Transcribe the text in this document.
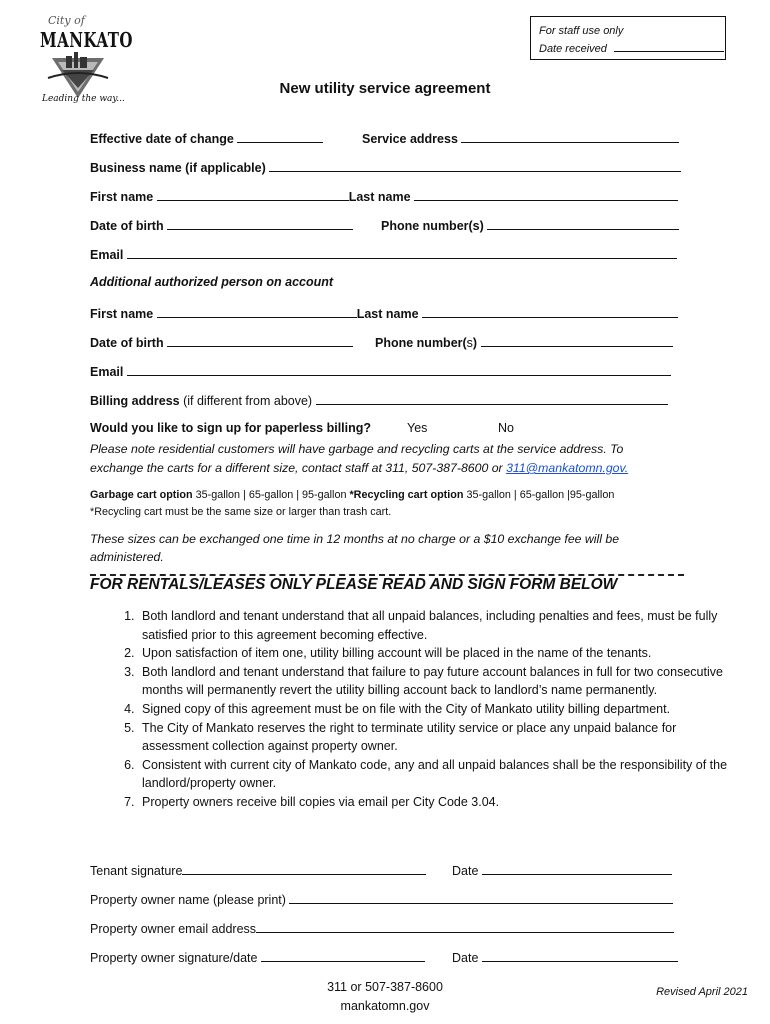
City of
MANKATO
Leading the way...
For staff use only
Date received
New utility service agreement
Effective date of change	Service address
Business name (if applicable)
First name	Last name
Date of birth	Phone number(s)
Email
Additional authorized person on account
First name	Last name
Date of birth	Phone number(s)
Email
Billing address (if different from above)
Would you like to sign up for paperless billing?	Yes	No
Please note residential customers will have garbage and recycling carts at the service address. To exchange the carts for a different size, contact staff at 311, 507-387-8600 or 311@mankatomn.gov.
Garbage cart option 35-gallon | 65-gallon | 95-gallon *Recycling cart option 35-gallon | 65-gallon |95-gallon
*Recycling cart must be the same size or larger than trash cart.
These sizes can be exchanged one time in 12 months at no charge or a $10 exchange fee will be administered.
FOR RENTALS/LEASES ONLY PLEASE READ AND SIGN FORM BELOW
1. Both landlord and tenant understand that all unpaid balances, including penalties and fees, must be fully satisfied prior to this agreement becoming effective.
2. Upon satisfaction of item one, utility billing account will be placed in the name of the tenants.
3. Both landlord and tenant understand that failure to pay future account balances in full for two consecutive months will permanently revert the utility billing account back to landlord’s name permanently.
4. Signed copy of this agreement must be on file with the City of Mankato utility billing department.
5. The City of Mankato reserves the right to terminate utility service or place any unpaid balance for assessment collection against property owner.
6. Consistent with current city of Mankato code, any and all unpaid balances shall be the responsibility of the landlord/property owner.
7. Property owners receive bill copies via email per City Code 3.04.
Tenant signature	Date
Property owner name (please print)
Property owner email address
Property owner signature/date	Date
311 or 507-387-8600
mankatomn.gov
Revised April 2021
